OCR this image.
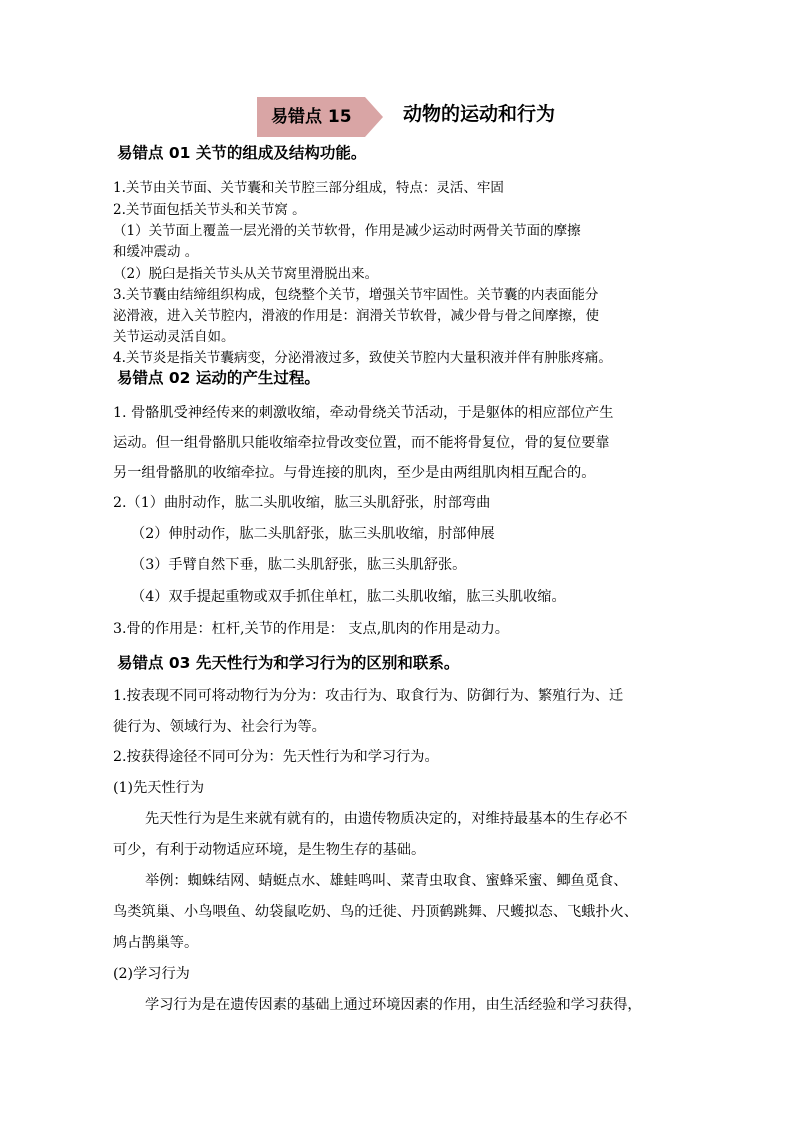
易错点 15	动物的运动和行为
易错点 01 关节的组成及结构功能。
1.关节由关节面、关节囊和关节腔三部分组成，特点：灵活、牢固
2.关节面包括关节头和关节窝 。
（1）关节面上覆盖一层光滑的关节软骨，作用是减少运动时两骨关节面的摩擦
和缓冲震动 。
（2）脱臼是指关节头从关节窝里滑脱出来。
3.关节囊由结缔组织构成，包绕整个关节，增强关节牢固性。关节囊的内表面能分
泌滑液，进入关节腔内，滑液的作用是：润滑关节软骨，减少骨与骨之间摩擦，使
关节运动灵活自如。
4.关节炎是指关节囊病变，分泌滑液过多，致使关节腔内大量积液并伴有肿胀疼痛。
易错点 02 运动的产生过程。
1. 骨骼肌受神经传来的刺激收缩，牵动骨绕关节活动，于是躯体的相应部位产生
运动。但一组骨骼肌只能收缩牵拉骨改变位置，而不能将骨复位，骨的复位要靠
另一组骨骼肌的收缩牵拉。与骨连接的肌肉，至少是由两组肌肉相互配合的。
2.（1）曲肘动作，肱二头肌收缩，肱三头肌舒张，肘部弯曲
（2）伸肘动作，肱二头肌舒张，肱三头肌收缩，肘部伸展
（3）手臂自然下垂，肱二头肌舒张，肱三头肌舒张。
（4）双手提起重物或双手抓住单杠，肱二头肌收缩，肱三头肌收缩。
3.骨的作用是：杠杆,关节的作用是： 支点,肌肉的作用是动力。
易错点 03 先天性行为和学习行为的区别和联系。
1.按表现不同可将动物行为分为：攻击行为、取食行为、防御行为、繁殖行为、迁
徙行为、领域行为、社会行为等。
2.按获得途径不同可分为：先天性行为和学习行为。
(1)先天性行为
先天性行为是生来就有就有的，由遗传物质决定的，对维持最基本的生存必不
可少，有利于动物适应环境，是生物生存的基础。
举例：蜘蛛结网、蜻蜓点水、雄蛙鸣叫、菜青虫取食、蜜蜂采蜜、鲫鱼觅食、
鸟类筑巢、小鸟喂鱼、幼袋鼠吃奶、鸟的迁徙、丹顶鹤跳舞、尺蠖拟态、飞蛾扑火、
鸠占鹊巢等。
(2)学习行为
学习行为是在遗传因素的基础上通过环境因素的作用，由生活经验和学习获得，
